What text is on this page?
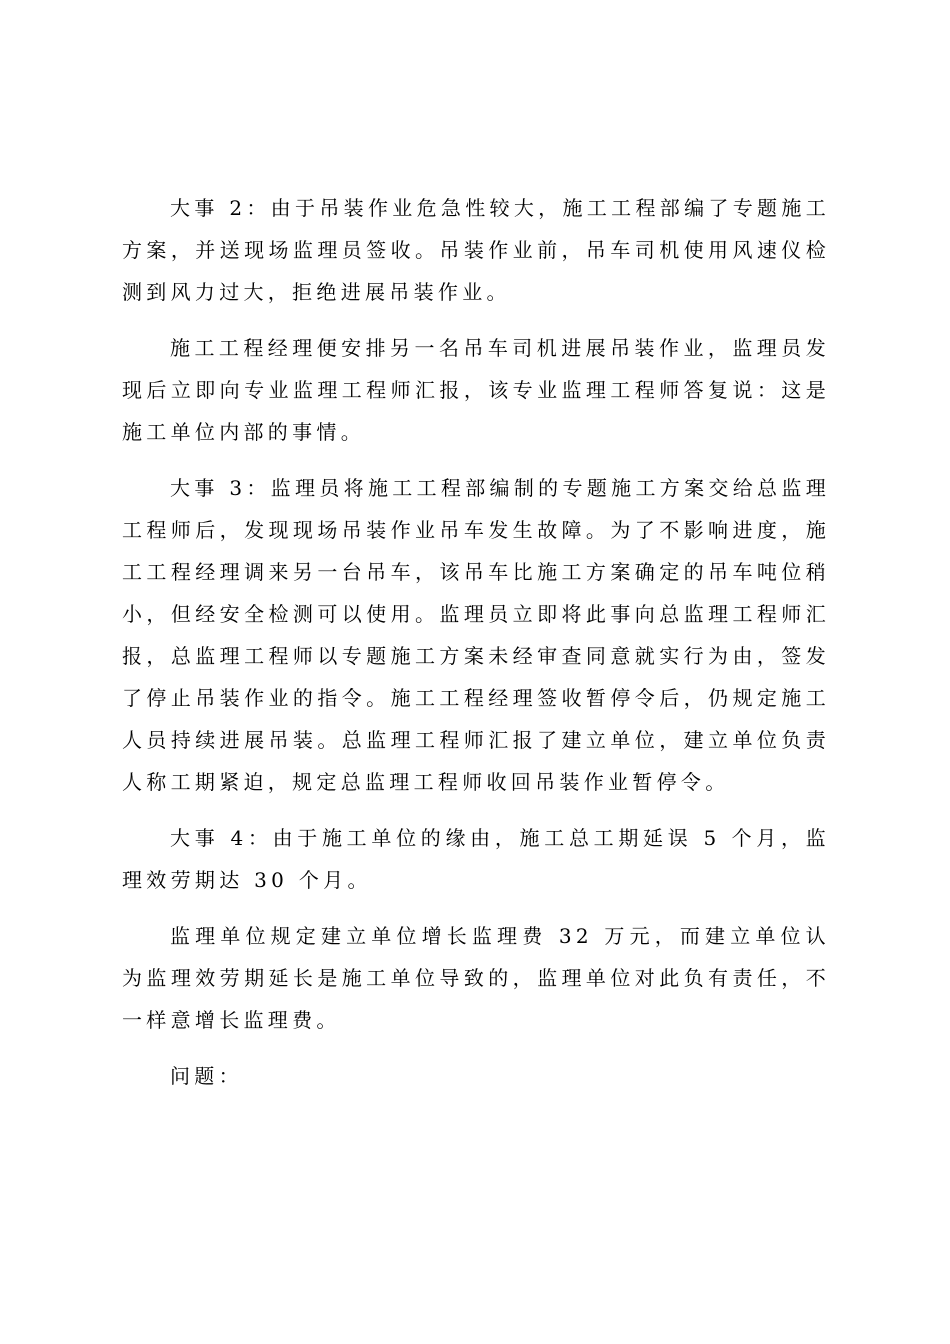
大事 2：由于吊装作业危急性较大，施工工程部编了专题施工方案，并送现场监理员签收。吊装作业前，吊车司机使用风速仪检测到风力过大，拒绝进展吊装作业。

施工工程经理便安排另一名吊车司机进展吊装作业，监理员发现后立即向专业监理工程师汇报，该专业监理工程师答复说：这是施工单位内部的事情。

大事 3：监理员将施工工程部编制的专题施工方案交给总监理工程师后，发现现场吊装作业吊车发生故障。为了不影响进度，施工工程经理调来另一台吊车，该吊车比施工方案确定的吊车吨位稍小，但经安全检测可以使用。监理员立即将此事向总监理工程师汇报，总监理工程师以专题施工方案未经审查同意就实行为由，签发了停止吊装作业的指令。施工工程经理签收暂停令后，仍规定施工人员持续进展吊装。总监理工程师汇报了建立单位，建立单位负责人称工期紧迫，规定总监理工程师收回吊装作业暂停令。

大事 4：由于施工单位的缘由，施工总工期延误 5 个月，监理效劳期达 30 个月。

监理单位规定建立单位增长监理费 32 万元，而建立单位认为监理效劳期延长是施工单位导致的，监理单位对此负有责任，不一样意增长监理费。

问题：
